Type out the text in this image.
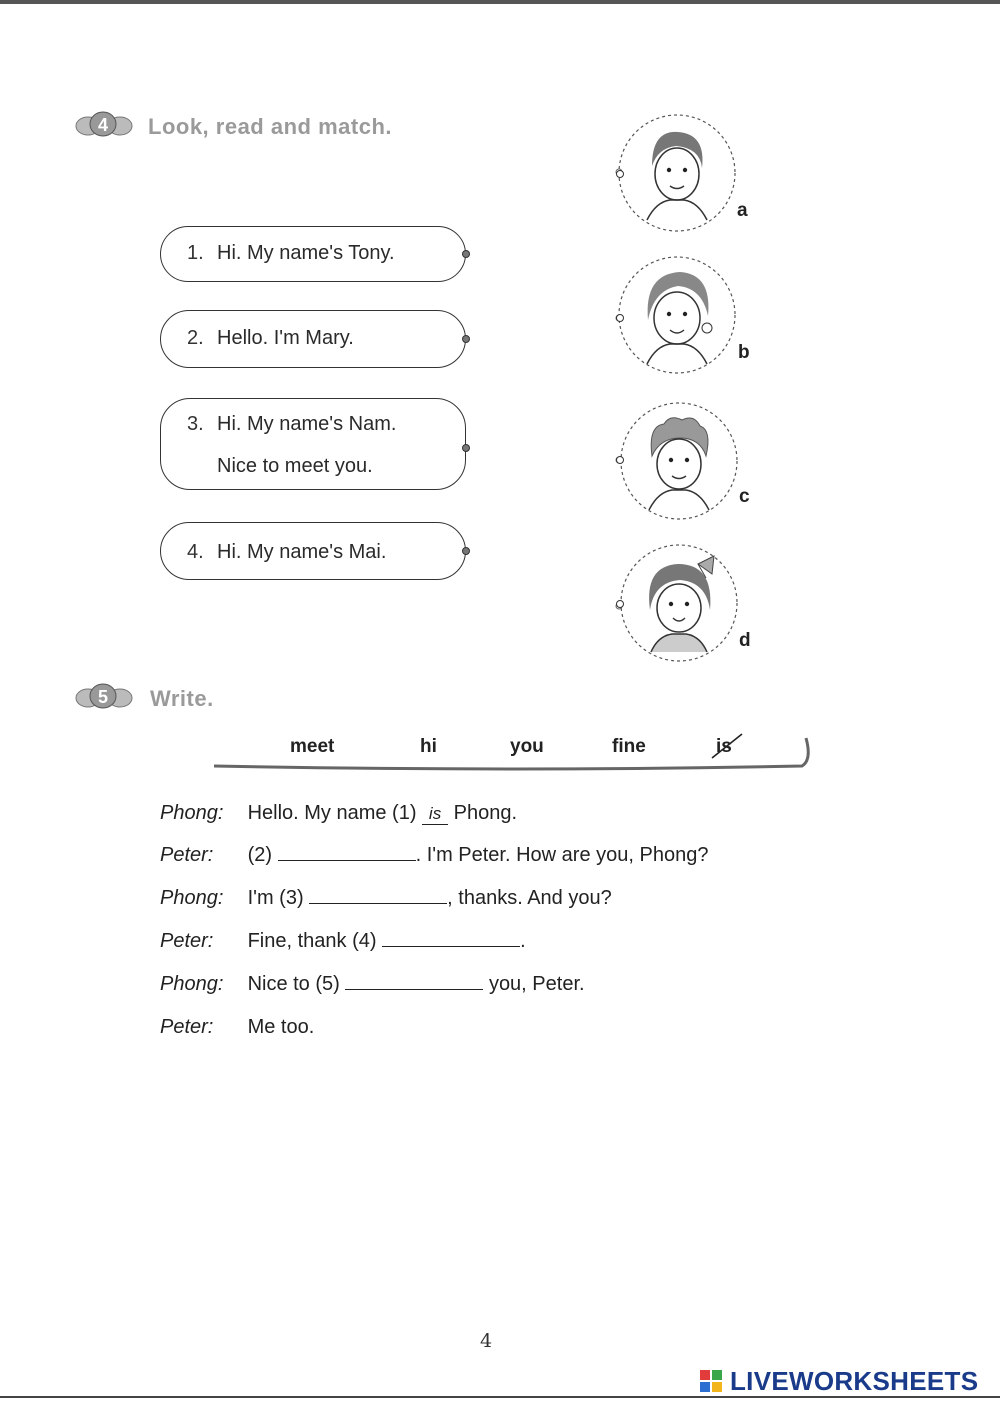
4 Look, read and match.
1. Hi. My name's Tony.
2. Hello. I'm Mary.
3. Hi. My name's Nam.
Nice to meet you.
4. Hi. My name's Mai.
a
b
c
d
5 Write.
meet	hi	you	fine	is
Phong: Hello. My name (1) is Phong.
Peter: (2)	. I'm Peter. How are you, Phong?
Phong: I'm (3)	, thanks. And you?
Peter: Fine, thank (4)	.
Phong: Nice to (5)	you, Peter.
Peter: Me too.
4
LIVEWORKSHEETS
